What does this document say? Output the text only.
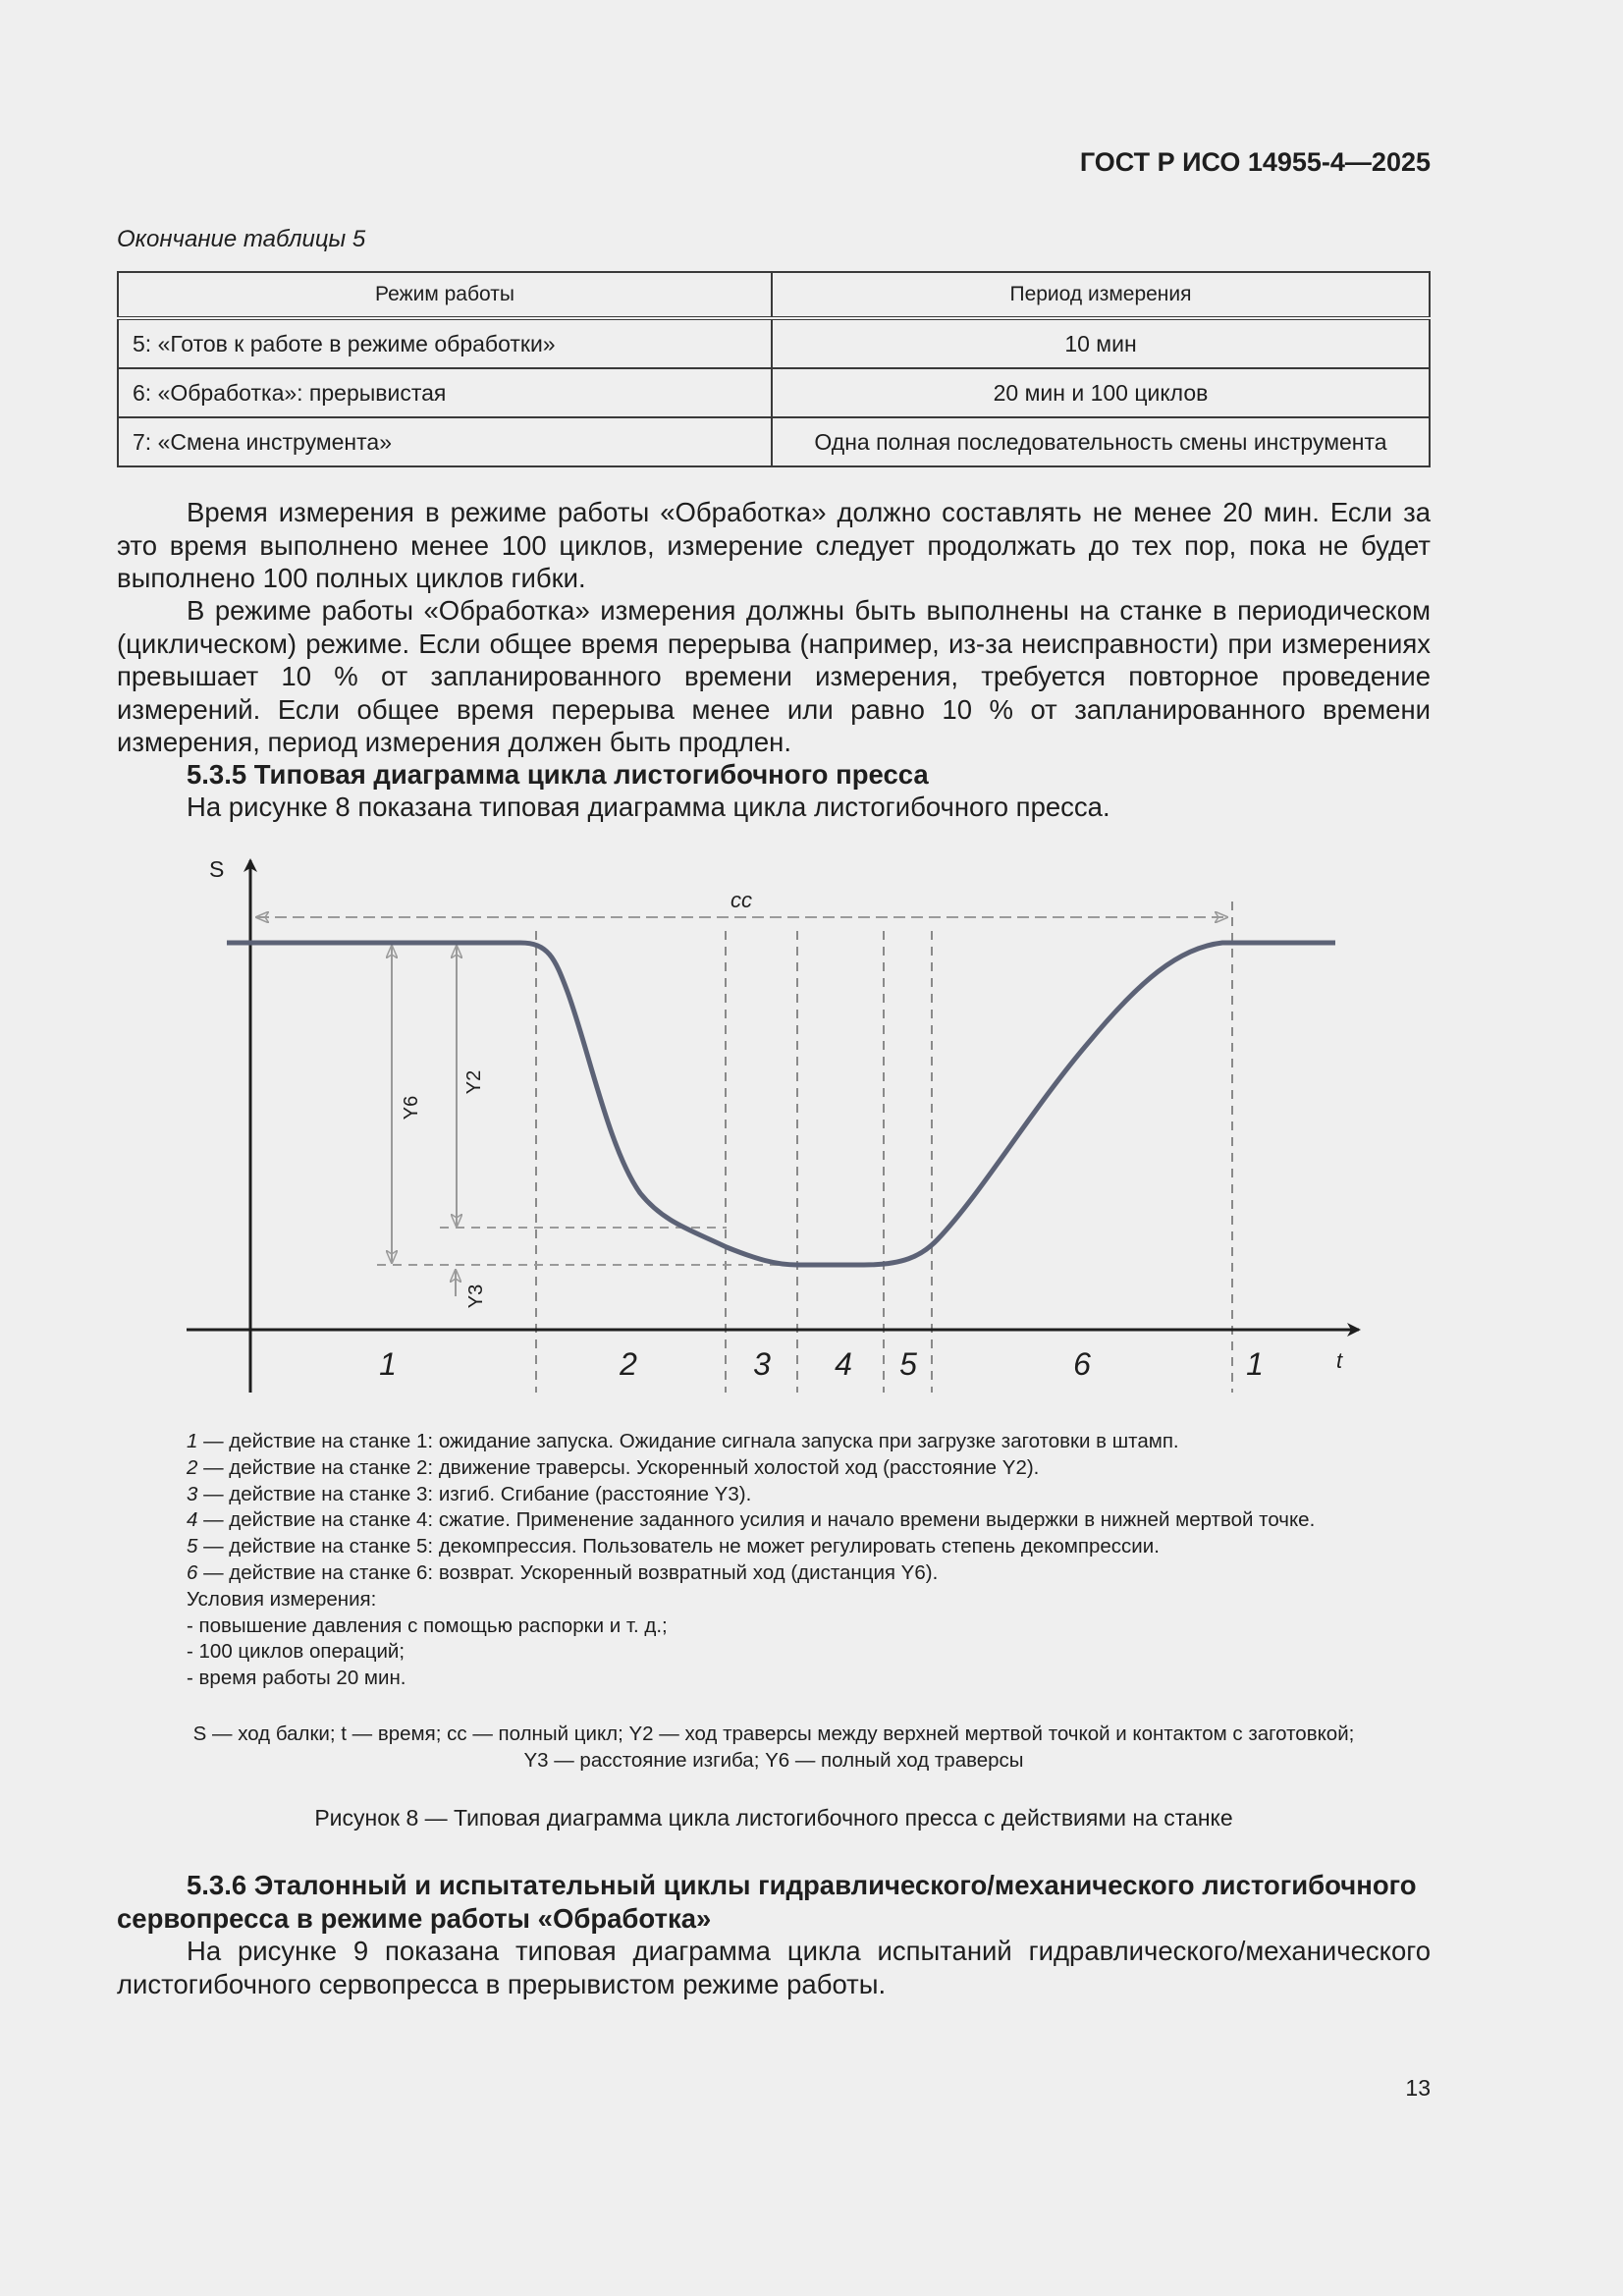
ГОСТ Р ИСО 14955-4—2025
Окончание таблицы 5
Режим работы	Период измерения
5: «Готов к работе в режиме обработки»	10 мин
6: «Обработка»: прерывистая	20 мин и 100 циклов
7: «Смена инструмента»	Одна полная последовательность смены инструмента

Время измерения в режиме работы «Обработка» должно составлять не менее 20 мин. Если за это время выполнено менее 100 циклов, измерение следует продолжать до тех пор, пока не будет выполнено 100 полных циклов гибки.

В режиме работы «Обработка» измерения должны быть выполнены на станке в периодическом (циклическом) режиме. Если общее время перерыва (например, из-за неисправности) при измерениях превышает 10 % от запланированного времени измерения, требуется повторное проведение измерений. Если общее время перерыва менее или равно 10 % от запланированного времени измерения, период измерения должен быть продлен.

5.3.5 Типовая диаграмма цикла листогибочного пресса

На рисунке 8 показана типовая диаграмма цикла листогибочного пресса.

cc
Y6
Y2
Y3
S
t
1	2	3 4 5	6	1
1 — действие на станке 1: ожидание запуска. Ожидание сигнала запуска при загрузке заготовки в штамп.
2 — действие на станке 2: движение траверсы. Ускоренный холостой ход (расстояние Y2).
3 — действие на станке 3: изгиб. Сгибание (расстояние Y3).
4 — действие на станке 4: сжатие. Применение заданного усилия и начало времени выдержки в нижней мертвой точке.
5 — действие на станке 5: декомпрессия. Пользователь не может регулировать степень декомпрессии.
6 — действие на станке 6: возврат. Ускоренный возвратный ход (дистанция Y6).
Условия измерения:
- повышение давления с помощью распорки и т. д.;
- 100 циклов операций;
- время работы 20 мин.
S — ход балки; t — время; cc — полный цикл; Y2 — ход траверсы между верхней мертвой точкой и контактом с заготовкой;
Y3 — расстояние изгиба; Y6 — полный ход траверсы
Рисунок 8 — Типовая диаграмма цикла листогибочного пресса с действиями на станке

5.3.6 Эталонный и испытательный циклы гидравлического/механического листогибочного сервопресса в режиме работы «Обработка»

На рисунке 9 показана типовая диаграмма цикла испытаний гидравлического/механического листогибочного сервопресса в прерывистом режиме работы.

13
